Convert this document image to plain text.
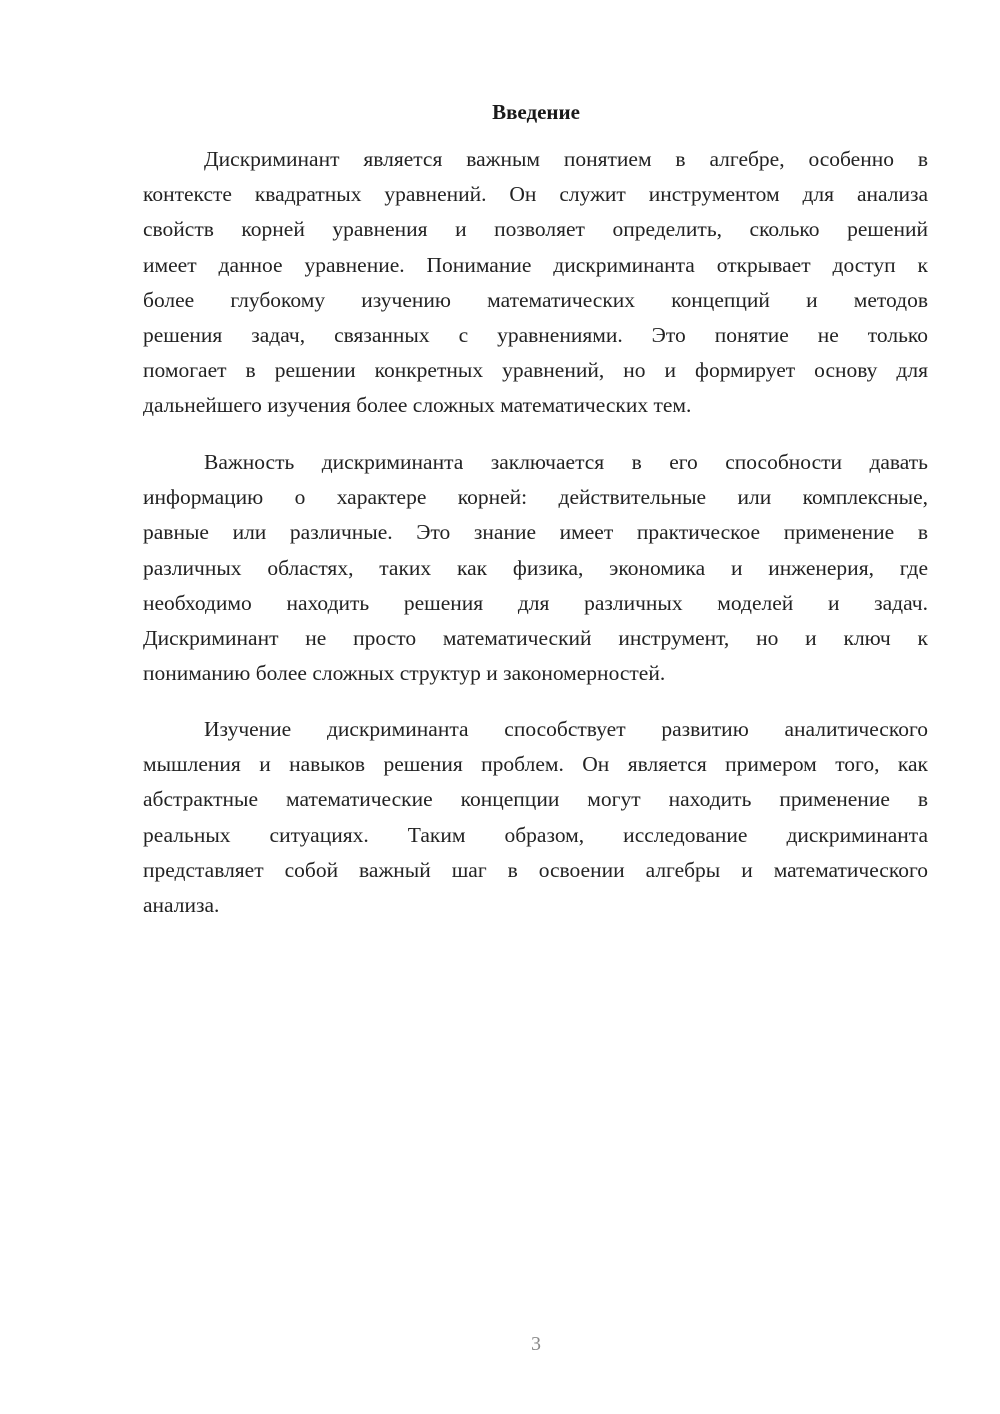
Введение
Дискриминант является важным понятием в алгебре, особенно в
контексте квадратных уравнений. Он служит инструментом для анализа
свойств корней уравнения и позволяет определить, сколько решений
имеет данное уравнение. Понимание дискриминанта открывает доступ к
более глубокому изучению математических концепций и методов
решения задач, связанных с уравнениями. Это понятие не только
помогает в решении конкретных уравнений, но и формирует основу для
дальнейшего изучения более сложных математических тем.
Важность дискриминанта заключается в его способности давать
информацию о характере корней: действительные или комплексные,
равные или различные. Это знание имеет практическое применение в
различных областях, таких как физика, экономика и инженерия, где
необходимо находить решения для различных моделей и задач.
Дискриминант не просто математический инструмент, но и ключ к
пониманию более сложных структур и закономерностей.
Изучение дискриминанта способствует развитию аналитического
мышления и навыков решения проблем. Он является примером того, как
абстрактные математические концепции могут находить применение в
реальных ситуациях. Таким образом, исследование дискриминанта
представляет собой важный шаг в освоении алгебры и математического
анализа.
3
